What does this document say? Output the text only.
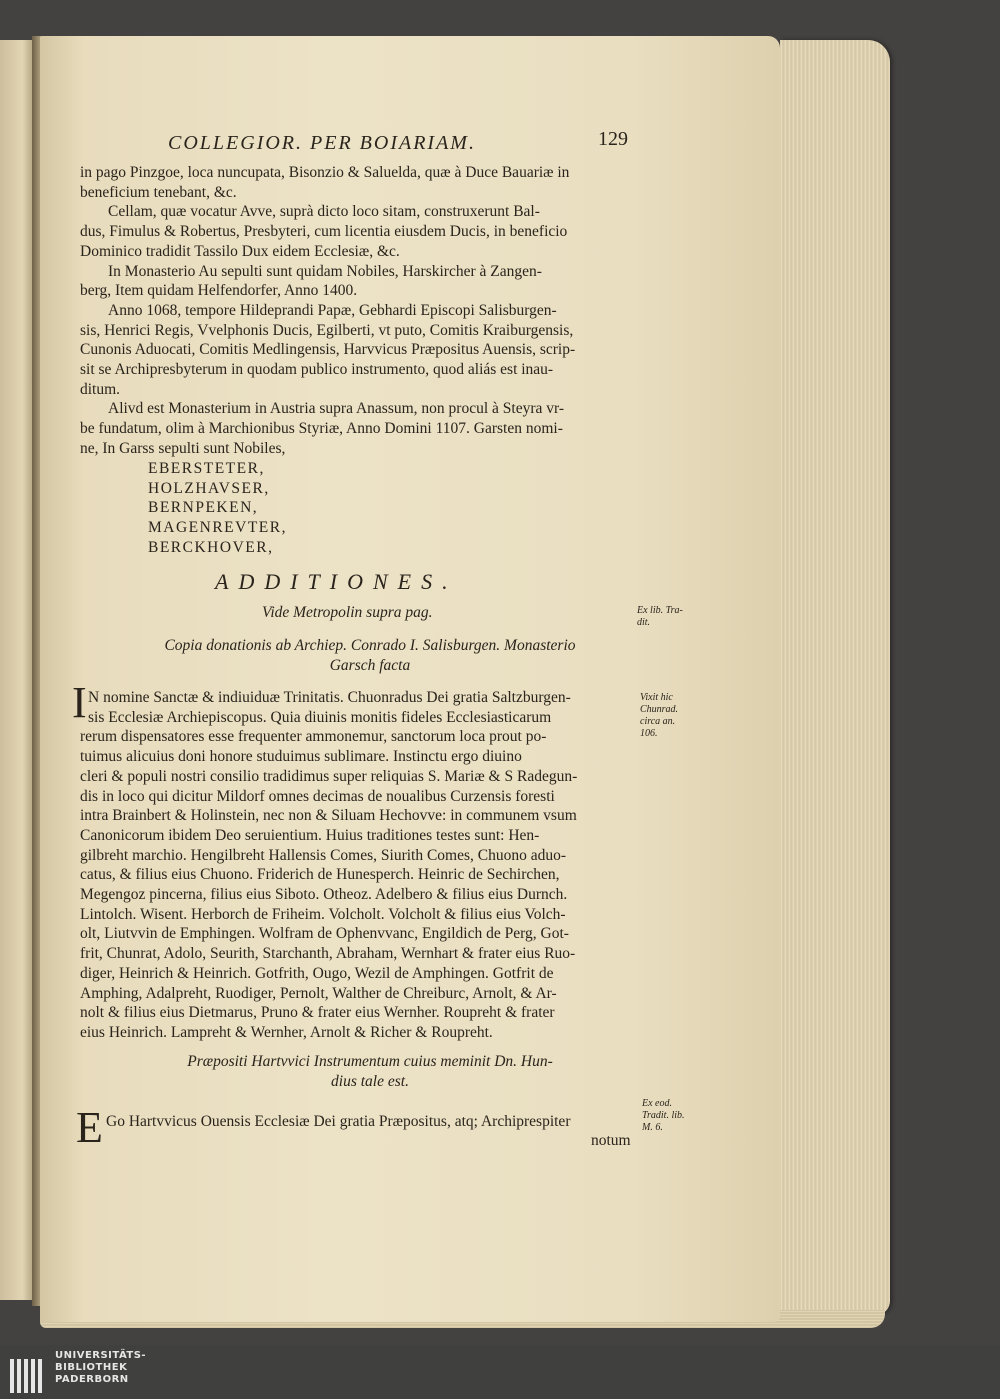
COLLEGIOR. PER BOIARIAM.	129
in pago Pinzgoe, loca nuncupata, Bisonzio & Saluelda, quæ à Duce Bauariæ in
beneficium tenebant, &c.
Cellam, quæ vocatur Avve, suprà dicto loco sitam, construxerunt Bal-
dus, Fimulus & Robertus, Presbyteri, cum licentia eiusdem Ducis, in beneficio
Dominico tradidit Tassilo Dux eidem Ecclesiæ, &c.
In Monasterio Au sepulti sunt quidam Nobiles, Harskircher à Zangen-
berg, Item quidam Helfendorfer, Anno 1400.
Anno 1068, tempore Hildeprandi Papæ, Gebhardi Episcopi Salisburgen-
sis, Henrici Regis, Vvelphonis Ducis, Egilberti, vt puto, Comitis Kraiburgensis,
Cunonis Aduocati, Comitis Medlingensis, Harvvicus Præpositus Auensis, scrip-
sit se Archipresbyterum in quodam publico instrumento, quod aliás est inau-
ditum.
Alivd est Monasterium in Austria supra Anassum, non procul à Steyra vr-
be fundatum, olim à Marchionibus Styriæ, Anno Domini 1107. Garsten nomi-
ne, In Garss sepulti sunt Nobiles,
EBERSTETER,
HOLZHAVSER,
BERNPEKEN,
MAGENREVTER,
BERCKHOVER,
ADDITIONES.
Vide Metropolin supra pag.	Ex lib. Tra-
dit.
Copia donationis ab Archiep. Conrado I. Salisburgen. Monasterio
Garsch facta
I N nomine Sanctæ & indiuiduæ Trinitatis. Chuonradus Dei gratia Saltzburgen-
sis Ecclesiæ Archiepiscopus. Quia diuinis monitis fideles Ecclesiasticarum
rerum dispensatores esse frequenter ammonemur, sanctorum loca prout po-
tuimus alicuius doni honore studuimus sublimare. Instinctu ergo diuino
cleri & populi nostri consilio tradidimus super reliquias S. Mariæ & S Radegun-
dis in loco qui dicitur Mildorf omnes decimas de noualibus Curzensis foresti
intra Brainbert & Holinstein, nec non & Siluam Hechovve: in communem vsum
Canonicorum ibidem Deo seruientium. Huius traditiones testes sunt: Hen-
gilbreht marchio. Hengilbreht Hallensis Comes, Siurith Comes, Chuono aduo-
catus, & filius eius Chuono. Friderich de Hunesperch. Heinric de Sechirchen,
Megengoz pincerna, filius eius Siboto. Otheoz. Adelbero & filius eius Durnch.
Lintolch. Wisent. Herborch de Friheim. Volcholt. Volcholt & filius eius Volch-
olt, Liutvvin de Emphingen. Wolfram de Ophenvvanc, Engildich de Perg, Got-
frit, Chunrat, Adolo, Seurith, Starchanth, Abraham, Wernhart & frater eius Ruo-
diger, Heinrich & Heinrich. Gotfrith, Ougo, Wezil de Amphingen. Gotfrit de
Amphing, Adalpreht, Ruodiger, Pernolt, Walther de Chreiburc, Arnolt, & Ar-
nolt & filius eius Dietmarus, Pruno & frater eius Wernher. Roupreht & frater
eius Heinrich. Lampreht & Wernher, Arnolt & Richer & Roupreht.
Vixit hic
Chunrad.
circa an.
106.
Præpositi Hartvvici Instrumentum cuius meminit Dn. Hun-
dius tale est.
E Go Hartvvicus Ouensis Ecclesiæ Dei gratia Præpositus, atq; Archiprespiter
notum
Ex eod.
Tradit. lib.
M. 6.
UNIVERSITÄTS-
BIBLIOTHEK
PADERBORN
